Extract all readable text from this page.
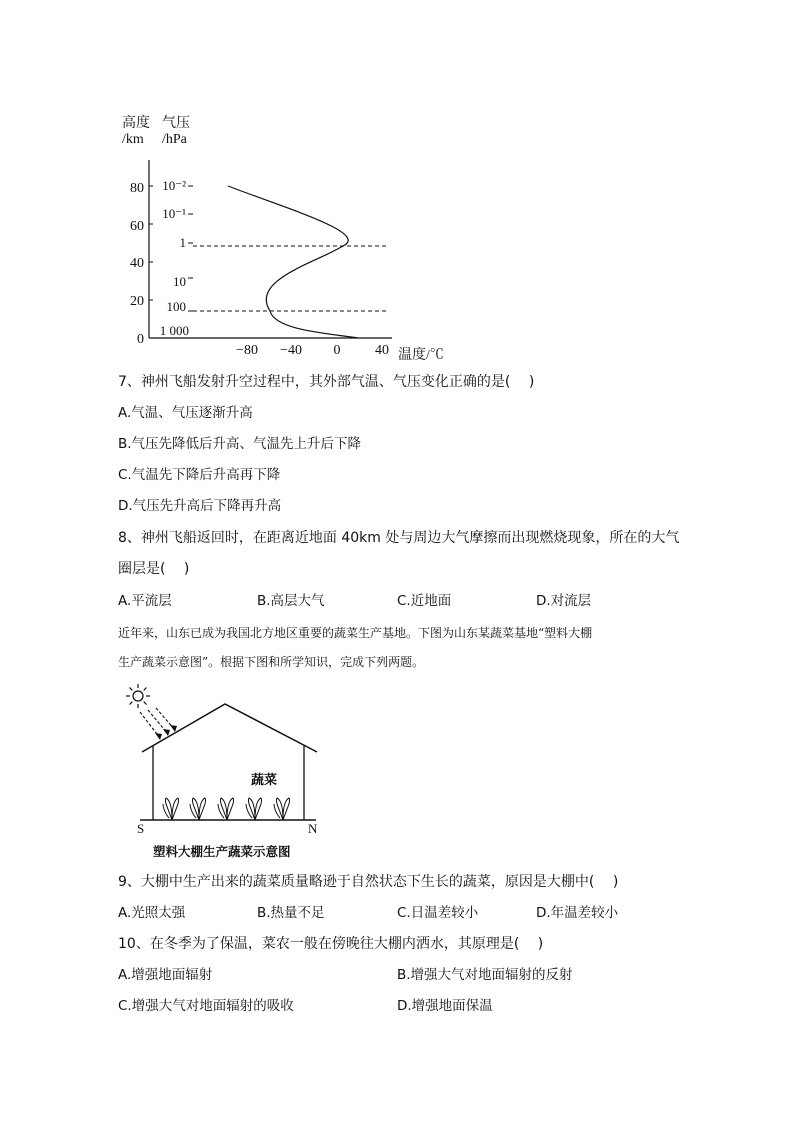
高度
/km
气压
/hPa
80
60
40
20
0
10⁻²
10⁻¹
1
10
100
1 000
−80 −40 0 40 温度/℃
7、神州飞船发射升空过程中，其外部气温、气压变化正确的是(　 )
A.气温、气压逐渐升高
B.气压先降低后升高、气温先上升后下降
C.气温先下降后升高再下降
D.气压先升高后下降再升高
8、神州飞船返回时，在距离近地面 40km 处与周边大气摩擦而出现燃烧现象，所在的大气
圈层是(　 )
A.平流层	B.高层大气	C.近地面	D.对流层
近年来，山东已成为我国北方地区重要的蔬菜生产基地。下图为山东某蔬菜基地“塑料大棚
生产蔬菜示意图”。根据下图和所学知识，完成下列两题。
蔬菜
S	N
塑料大棚生产蔬菜示意图
9、大棚中生产出来的蔬菜质量略逊于自然状态下生长的蔬菜，原因是大棚中(　 )
A.光照太强	B.热量不足	C.日温差较小	D.年温差较小
10、在冬季为了保温，菜农一般在傍晚往大棚内洒水，其原理是(　 )
A.增强地面辐射	B.增强大气对地面辐射的反射
C.增强大气对地面辐射的吸收	D.增强地面保温
